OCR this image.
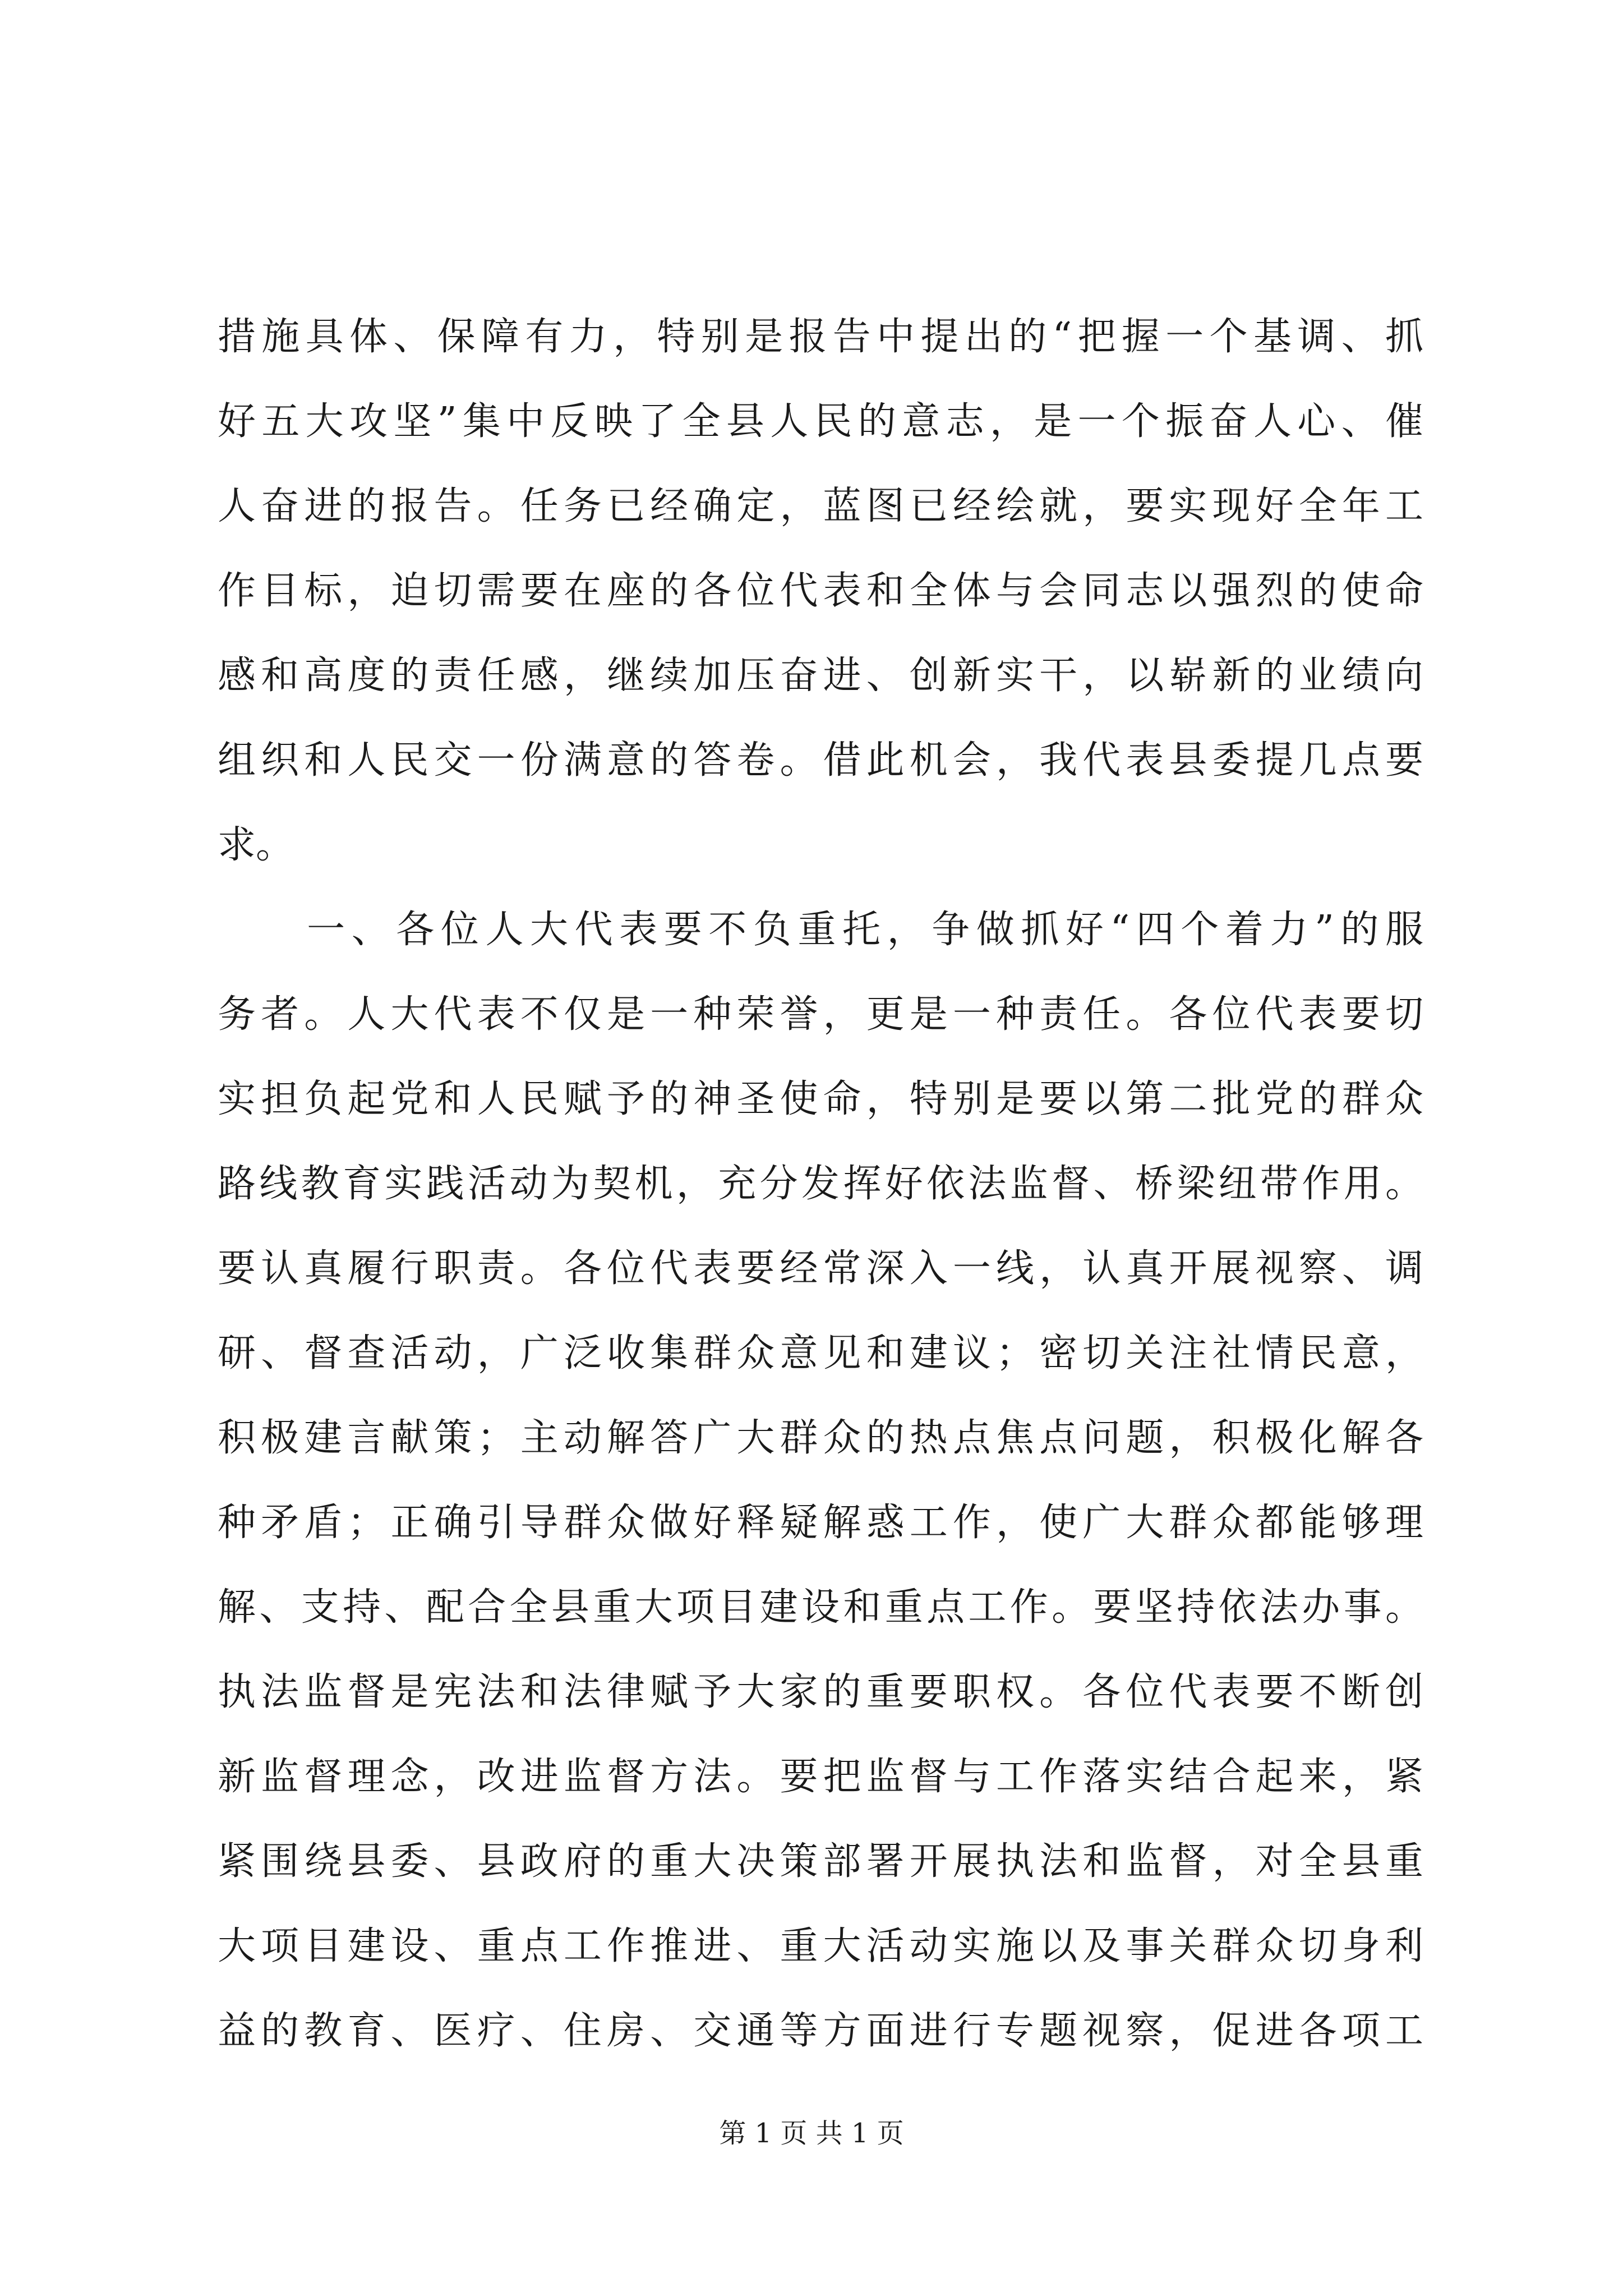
措施具体、保障有力，特别是报告中提出的“把握一个基调、抓
好五大攻坚”集中反映了全县人民的意志，是一个振奋人心、催
人奋进的报告。任务已经确定，蓝图已经绘就，要实现好全年工
作目标，迫切需要在座的各位代表和全体与会同志以强烈的使命
感和高度的责任感，继续加压奋进、创新实干，以崭新的业绩向
组织和人民交一份满意的答卷。借此机会，我代表县委提几点要
求。
　　一、各位人大代表要不负重托，争做抓好“四个着力”的服
务者。人大代表不仅是一种荣誉，更是一种责任。各位代表要切
实担负起党和人民赋予的神圣使命，特别是要以第二批党的群众
路线教育实践活动为契机，充分发挥好依法监督、桥梁纽带作用。
要认真履行职责。各位代表要经常深入一线，认真开展视察、调
研、督查活动，广泛收集群众意见和建议；密切关注社情民意，
积极建言献策；主动解答广大群众的热点焦点问题，积极化解各
种矛盾；正确引导群众做好释疑解惑工作，使广大群众都能够理
解、支持、配合全县重大项目建设和重点工作。要坚持依法办事。
执法监督是宪法和法律赋予大家的重要职权。各位代表要不断创
新监督理念，改进监督方法。要把监督与工作落实结合起来，紧
紧围绕县委、县政府的重大决策部署开展执法和监督，对全县重
大项目建设、重点工作推进、重大活动实施以及事关群众切身利
益的教育、医疗、住房、交通等方面进行专题视察，促进各项工
第 1 页 共 1 页
